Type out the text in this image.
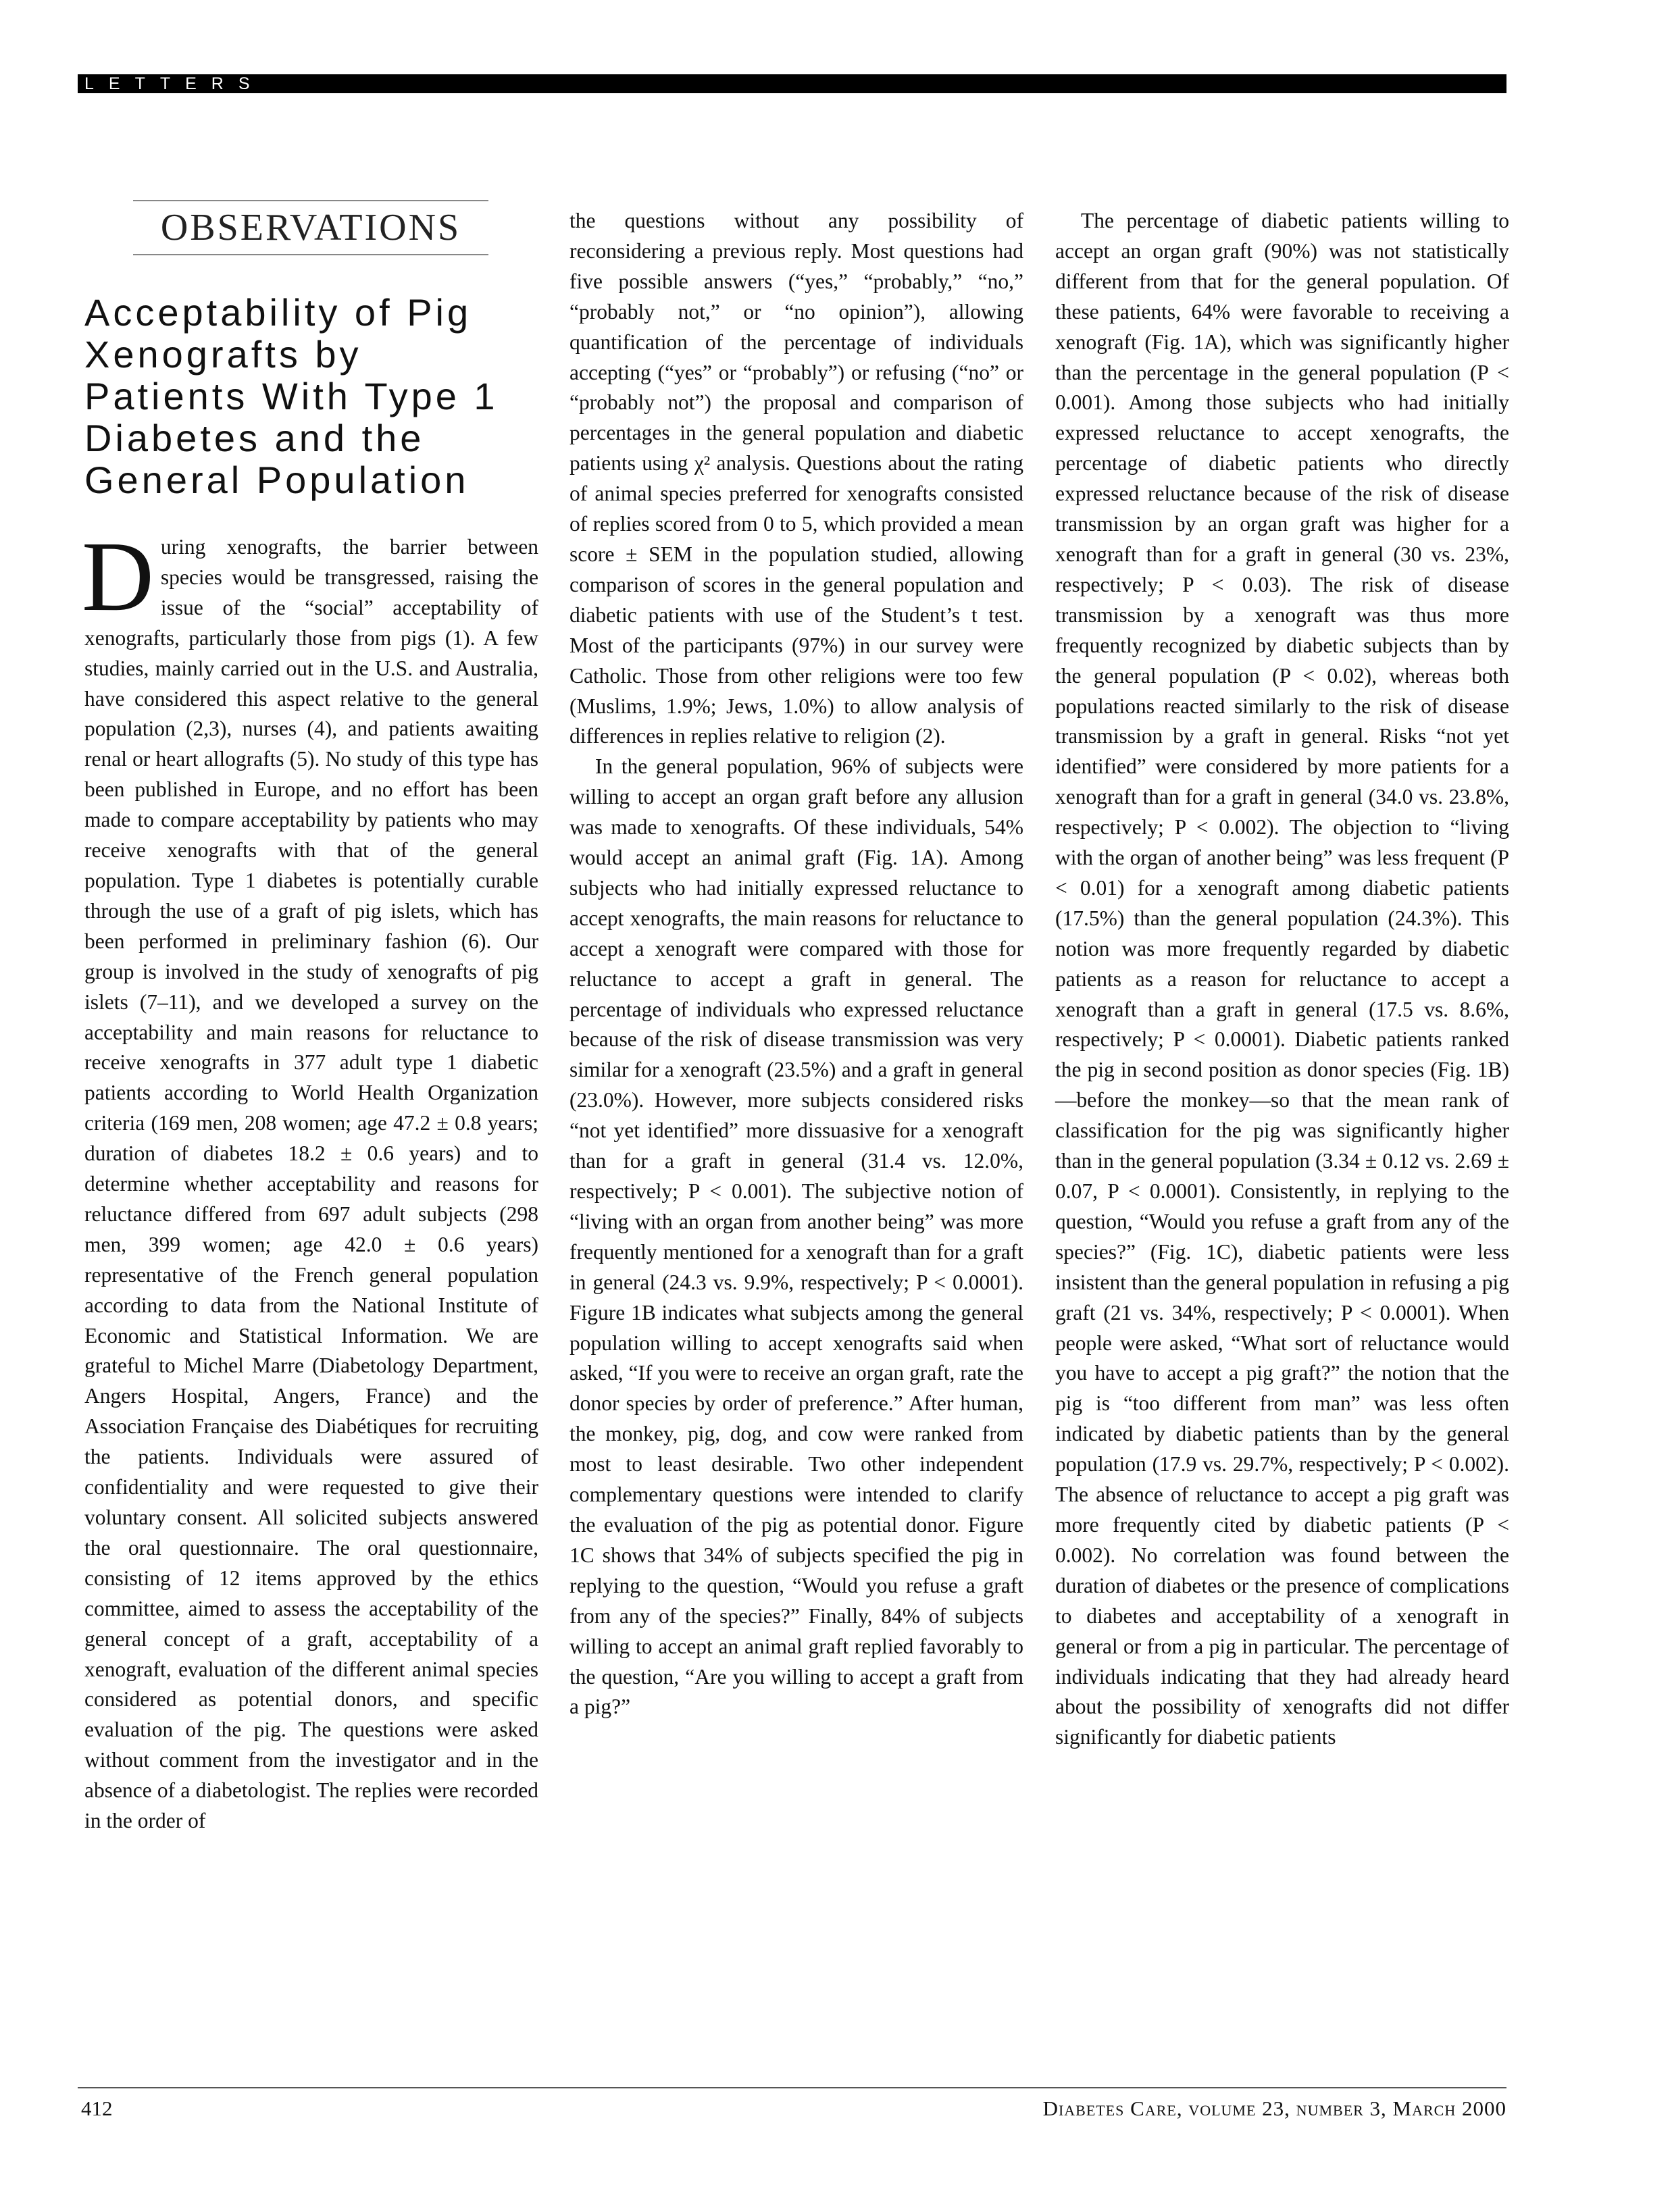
LETTERS
OBSERVATIONS
Acceptability of Pig Xenografts by Patients With Type 1 Diabetes and the General Population

During xenografts, the barrier between species would be transgressed, raising the issue of the “social” acceptability of xenografts, particularly those from pigs (1). A few studies, mainly carried out in the U.S. and Australia, have considered this aspect relative to the general population (2,3), nurses (4), and patients awaiting renal or heart allografts (5). No study of this type has been published in Europe, and no effort has been made to compare acceptability by patients who may receive xenografts with that of the general population. Type 1 diabetes is potentially curable through the use of a graft of pig islets, which has been performed in preliminary fashion (6). Our group is involved in the study of xenografts of pig islets (7–11), and we developed a survey on the acceptability and main reasons for reluctance to receive xenografts in 377 adult type 1 diabetic patients according to World Health Organization criteria (169 men, 208 women; age 47.2 ± 0.8 years; duration of diabetes 18.2 ± 0.6 years) and to determine whether acceptability and reasons for reluctance differed from 697 adult subjects (298 men, 399 women; age 42.0 ± 0.6 years) representative of the French general population according to data from the National Institute of Economic and Statistical Information. We are grateful to Michel Marre (Diabetology Department, Angers Hospital, Angers, France) and the Association Française des Diabétiques for recruiting the patients. Individuals were assured of confidentiality and were requested to give their voluntary consent. All solicited subjects answered the oral questionnaire. The oral questionnaire, consisting of 12 items approved by the ethics committee, aimed to assess the acceptability of the general concept of a graft, acceptability of a xenograft, evaluation of the different animal species considered as potential donors, and specific evaluation of the pig. The questions were asked without comment from the investigator and in the absence of a diabetologist. The replies were recorded in the order of

the questions without any possibility of reconsidering a previous reply. Most questions had five possible answers (“yes,” “probably,” “no,” “probably not,” or “no opinion”), allowing quantification of the percentage of individuals accepting (“yes” or “probably”) or refusing (“no” or “probably not”) the proposal and comparison of percentages in the general population and diabetic patients using χ² analysis. Questions about the rating of animal species preferred for xenografts consisted of replies scored from 0 to 5, which provided a mean score ± SEM in the population studied, allowing comparison of scores in the general population and diabetic patients with use of the Student’s t test. Most of the participants (97%) in our survey were Catholic. Those from other religions were too few (Muslims, 1.9%; Jews, 1.0%) to allow analysis of differences in replies relative to religion (2).

In the general population, 96% of subjects were willing to accept an organ graft before any allusion was made to xenografts. Of these individuals, 54% would accept an animal graft (Fig. 1A). Among subjects who had initially expressed reluctance to accept xenografts, the main reasons for reluctance to accept a xenograft were compared with those for reluctance to accept a graft in general. The percentage of individuals who expressed reluctance because of the risk of disease transmission was very similar for a xenograft (23.5%) and a graft in general (23.0%). However, more subjects considered risks “not yet identified” more dissuasive for a xenograft than for a graft in general (31.4 vs. 12.0%, respectively; P < 0.001). The subjective notion of “living with an organ from another being” was more frequently mentioned for a xenograft than for a graft in general (24.3 vs. 9.9%, respectively; P < 0.0001). Figure 1B indicates what subjects among the general population willing to accept xenografts said when asked, “If you were to receive an organ graft, rate the donor species by order of preference.” After human, the monkey, pig, dog, and cow were ranked from most to least desirable. Two other independent complementary questions were intended to clarify the evaluation of the pig as potential donor. Figure 1C shows that 34% of subjects specified the pig in replying to the question, “Would you refuse a graft from any of the species?” Finally, 84% of subjects willing to accept an animal graft replied favorably to the question, “Are you willing to accept a graft from a pig?”

The percentage of diabetic patients willing to accept an organ graft (90%) was not statistically different from that for the general population. Of these patients, 64% were favorable to receiving a xenograft (Fig. 1A), which was significantly higher than the percentage in the general population (P < 0.001). Among those subjects who had initially expressed reluctance to accept xenografts, the percentage of diabetic patients who directly expressed reluctance because of the risk of disease transmission by an organ graft was higher for a xenograft than for a graft in general (30 vs. 23%, respectively; P < 0.03). The risk of disease transmission by a xenograft was thus more frequently recognized by diabetic subjects than by the general population (P < 0.02), whereas both populations reacted similarly to the risk of disease transmission by a graft in general. Risks “not yet identified” were considered by more patients for a xenograft than for a graft in general (34.0 vs. 23.8%, respectively; P < 0.002). The objection to “living with the organ of another being” was less frequent (P < 0.01) for a xenograft among diabetic patients (17.5%) than the general population (24.3%). This notion was more frequently regarded by diabetic patients as a reason for reluctance to accept a xenograft than a graft in general (17.5 vs. 8.6%, respectively; P < 0.0001). Diabetic patients ranked the pig in second position as donor species (Fig. 1B)—before the monkey—so that the mean rank of classification for the pig was significantly higher than in the general population (3.34 ± 0.12 vs. 2.69 ± 0.07, P < 0.0001). Consistently, in replying to the question, “Would you refuse a graft from any of the species?” (Fig. 1C), diabetic patients were less insistent than the general population in refusing a pig graft (21 vs. 34%, respectively; P < 0.0001). When people were asked, “What sort of reluctance would you have to accept a pig graft?” the notion that the pig is “too different from man” was less often indicated by diabetic patients than by the general population (17.9 vs. 29.7%, respectively; P < 0.002). The absence of reluctance to accept a pig graft was more frequently cited by diabetic patients (P < 0.002). No correlation was found between the duration of diabetes or the presence of complications to diabetes and acceptability of a xenograft in general or from a pig in particular. The percentage of individuals indicating that they had already heard about the possibility of xenografts did not differ significantly for diabetic patients

412	Diabetes Care, volume 23, number 3, March 2000
